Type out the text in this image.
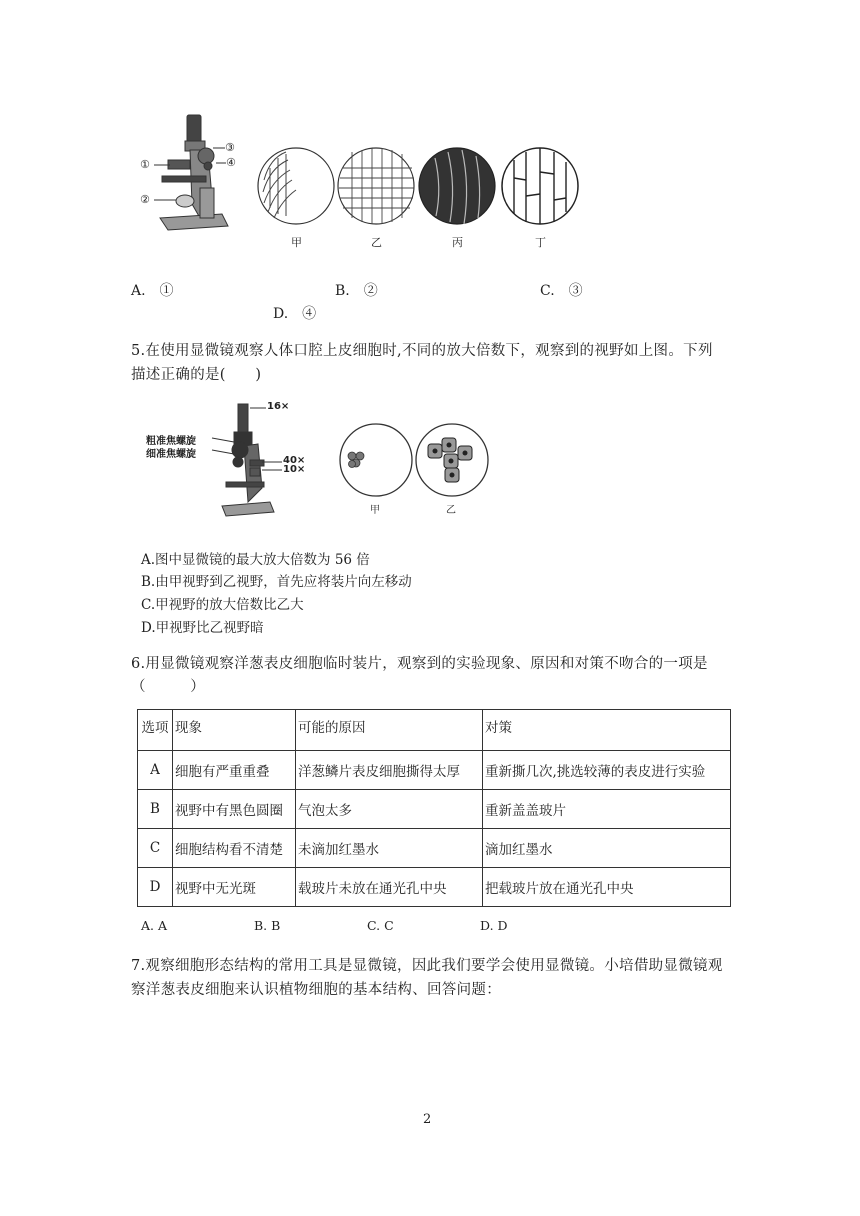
①
②
③
④
甲	乙	丙	丁
A.　①	B.　②	C.　③
D.　④
5.在使用显微镜观察人体口腔上皮细胞时,不同的放大倍数下，观察到的视野如上图。下列
描述正确的是(　　)
粗准焦螺旋
细准焦螺旋
16×
40×
10×
甲	乙
A.图中显微镜的最大放大倍数为 56 倍
B.由甲视野到乙视野，首先应将装片向左移动
C.甲视野的放大倍数比乙大
D.甲视野比乙视野暗
6.用显微镜观察洋葱表皮细胞临时装片，观察到的实验现象、原因和对策不吻合的一项是
（　　　）
选项	现象	可能的原因	对策
A	细胞有严重重叠	洋葱鳞片表皮细胞撕得太厚	重新撕几次,挑选较薄的表皮进行实验
B	视野中有黑色圆圈	气泡太多	重新盖盖玻片
C	细胞结构看不清楚	未滴加红墨水	滴加红墨水
D	视野中无光斑	载玻片未放在通光孔中央	把载玻片放在通光孔中央
A. A	B. B	C. C	D. D
7.观察细胞形态结构的常用工具是显微镜，因此我们要学会使用显微镜。小培借助显微镜观
察洋葱表皮细胞来认识植物细胞的基本结构、回答问题：
2
